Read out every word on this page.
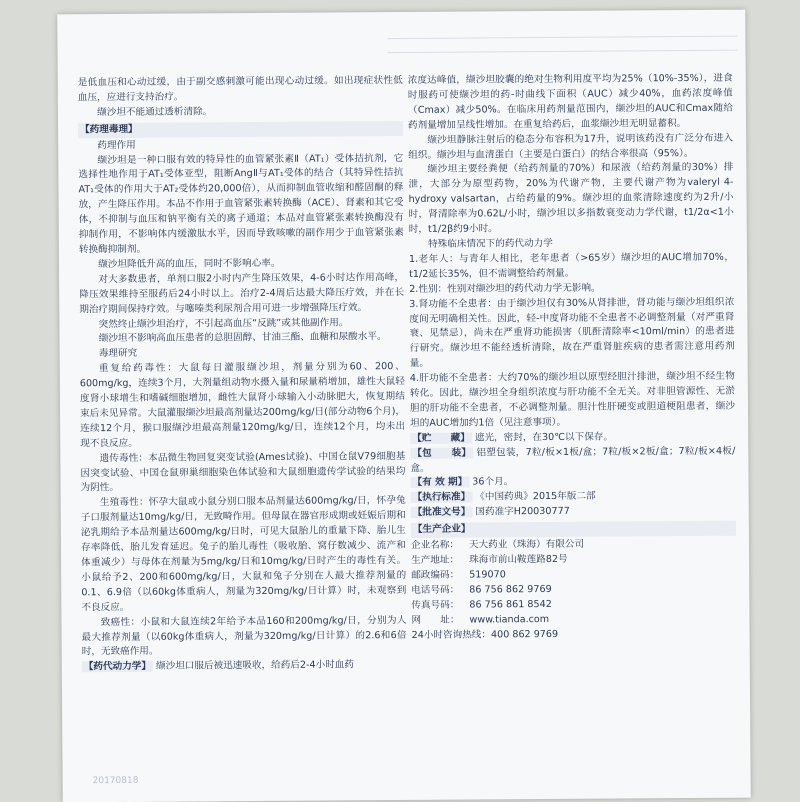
是低血压和心动过缓，由于副交感刺激可能出现心动过缓。如出现症状性低血压，应进行支持治疗。

缬沙坦不能通过透析清除。

【药理毒理】

药理作用

缬沙坦是一种口服有效的特异性的血管紧张素Ⅱ（AT₁）受体拮抗剂，它选择性地作用于AT₁受体亚型，阻断AngⅡ与AT₁受体的结合（其特异性拮抗AT₁受体的作用大于AT₂受体约20,000倍），从而抑制血管收缩和醛固酮的释放，产生降压作用。本品不作用于血管紧张素转换酶（ACE）、肾素和其它受体，不抑制与血压和钠平衡有关的离子通道；本品对血管紧张素转换酶没有抑制作用，不影响体内缓激肽水平，因而导致咳嗽的副作用少于血管紧张素转换酶抑制剂。

缬沙坦降低升高的血压，同时不影响心率。

对大多数患者，单剂口服2小时内产生降压效果，4-6小时达作用高峰，降压效果维持至服药后24小时以上。治疗2-4周后达最大降压疗效，并在长期治疗期间保持疗效。与噻嗪类利尿剂合用可进一步增强降压疗效。

突然终止缬沙坦治疗，不引起高血压“反跳”或其他副作用。

缬沙坦不影响高血压患者的总胆固醇、甘油三酯、血糖和尿酸水平。

毒理研究

重复给药毒性：大鼠每日灌服缬沙坦，剂量分别为60、200、600mg/kg，连续3个月，大剂量组动物水摄入量和尿量稍增加，雄性大鼠轻度肾小球增生和嗜碱细胞增加，雌性大鼠肾小球输入小动脉肥大，恢复期结束后未见异常。大鼠灌服缬沙坦最高剂量达200mg/kg/日(部分动物6个月)，连续12个月，猴口服缬沙坦最高剂量120mg/kg/日，连续12个月，均未出现不良反应。

遗传毒性：本品微生物回复突变试验(Ames试验)、中国仓鼠V79细胞基因突变试验、中国仓鼠卵巢细胞染色体试验和大鼠细胞遗传学试验的结果均为阴性。

生殖毒性：怀孕大鼠或小鼠分别口服本品剂量达600mg/kg/日，怀孕兔子口服剂量达10mg/kg/日，无致畸作用。但母鼠在器官形成期或妊娠后期和泌乳期给予本品剂量达600mg/kg/日时，可见大鼠胎儿的重量下降、胎儿生存率降低、胎儿发育延迟。兔子的胎儿毒性（吸收胎、窝仔数减少、流产和体重减少）与母体在剂量为5mg/kg/日和10mg/kg/日时产生的毒性有关。小鼠给予2、200和600mg/kg/日，大鼠和兔子分别在人最大推荐剂量的0.1、6.9倍（以60kg体重病人，剂量为320mg/kg/日计算）时，未观察到不良反应。

致癌性：小鼠和大鼠连续2年给予本品160和200mg/kg/日，分别为人最大推荐剂量（以60kg体重病人，剂量为320mg/kg/日计算）的2.6和6倍时，无致癌作用。

【药代动力学】 缬沙坦口服后被迅速吸收，给药后2-4小时血药

浓度达峰值，缬沙坦胶囊的绝对生物利用度平均为25%（10%-35%），进食时服药可使缬沙坦的药-时曲线下面积（AUC）减少40%，血药浓度峰值（Cmax）减少50%。在临床用药剂量范围内，缬沙坦的AUC和Cmax随给药剂量增加呈线性增加。在重复给药后，血浆缬沙坦无明显蓄积。

缬沙坦静脉注射后的稳态分布容积为17升，说明该药没有广泛分布进入组织。缬沙坦与血清蛋白（主要是白蛋白）的结合率很高（95%）。

缬沙坦主要经粪便（给药剂量的70%）和尿液（给药剂量的30%）排泄，大部分为原型药物，20%为代谢产物，主要代谢产物为valeryl 4-hydroxy valsartan，占给药量的9%。缬沙坦的血浆清除速度约为2升/小时，肾清除率为0.62L/小时，缬沙坦以多指数衰变动力学代谢，t1/2α<1小时，t1/2β约9小时。

特殊临床情况下的药代动力学

1.老年人：与青年人相比，老年患者（>65岁）缬沙坦的AUC增加70%，t1/2延长35%，但不需调整给药剂量。

2.性别：性别对缬沙坦的药代动力学无影响。

3.肾功能不全患者：由于缬沙坦仅有30%从肾排泄，肾功能与缬沙坦组织浓度间无明确相关性。因此，轻-中度肾功能不全患者不必调整剂量（对严重肾衰、见禁忌），尚未在严重肾功能损害（肌酐清除率<10ml/min）的患者进行研究。缬沙坦不能经透析清除，故在严重肾脏疾病的患者需注意用药剂量。

4.肝功能不全患者：大约70%的缬沙坦以原型经胆汁排泄，缬沙坦不经生物转化。因此，缬沙坦全身组织浓度与肝功能不全无关。对非胆管源性、无淤胆的肝功能不全患者，不必调整剂量。胆汁性肝硬变或胆道梗阻患者，缬沙坦的AUC增加约1倍（见注意事项）。

【贮　　藏】 遮光，密封，在30℃以下保存。

【包　　装】 铝塑包装，7粒/板×1板/盒；7粒/板×2板/盒；7粒/板×4板/盒。

【有 效 期】 36个月。

【执行标准】 《中国药典》2015年版二部

【批准文号】 国药准字H20030777

【生产企业】
企业名称：	天大药业（珠海）有限公司
生产地址：	珠海市前山鞍莲路82号
邮政编码：	519070
电话号码：	86 756 862 9769
传真号码：	86 756 861 8542
网　　址：	www.tianda.com

24小时咨询热线：400 862 9769

20170818
